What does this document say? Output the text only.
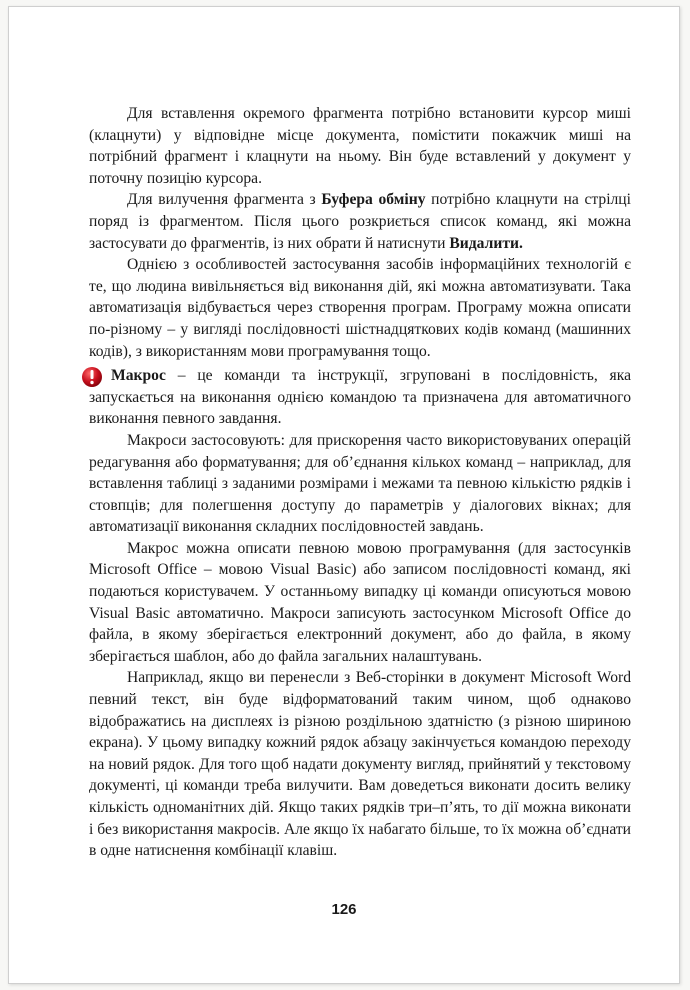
Для вставлення окремого фрагмента потрібно встановити курсор миші (клацнути) у відповідне місце документа, помістити покажчик миші на потрібний фрагмент і клацнути на ньому. Він буде вставлений у документ у поточну позицію курсора.

Для вилучення фрагмента з Буфера обміну потрібно клацнути на стрілці поряд із фрагментом. Після цього розкриється список команд, які можна застосувати до фрагментів, із них обрати й натиснути Видалити.

Однією з особливостей застосування засобів інформаційних технологій є те, що людина вивільняється від виконання дій, які можна автоматизувати. Така автоматизація відбувається через створення програм. Програму можна описати по-різному – у вигляді послідовності шістнадцяткових кодів команд (машинних кодів), з використанням мови програмування тощо.

Макрос – це команди та інструкції, згруповані в послідовність, яка запускається на виконання однією командою та призначена для автоматичного виконання певного завдання.

Макроси застосовують: для прискорення часто використовуваних операцій редагування або форматування; для об’єднання кількох команд – наприклад, для вставлення таблиці з заданими розмірами і межами та певною кількістю рядків і стовпців; для полегшення доступу до параметрів у діалогових вікнах; для автоматизації виконання складних послідовностей завдань.

Макрос можна описати певною мовою програмування (для застосунків Microsoft Office – мовою Visual Basic) або записом послідовності команд, які подаються користувачем. У останньому випадку ці команди описуються мовою Visual Basic автоматично. Макроси записують застосунком Microsoft Office до файла, в якому зберігається електронний документ, або до файла, в якому зберігається шаблон, або до файла загальних налаштувань.

Наприклад, якщо ви перенесли з Веб-сторінки в документ Microsoft Word певний текст, він буде відформатований таким чином, щоб однаково відображатись на дисплеях із різною роздільною здатністю (з різною шириною екрана). У цьому випадку кожний рядок абзацу закінчується командою переходу на новий рядок. Для того щоб надати документу вигляд, прийнятий у текстовому документі, ці команди треба вилучити. Вам доведеться виконати досить велику кількість одноманітних дій. Якщо таких рядків три–п’ять, то дії можна виконати і без використання макросів. Але якщо їх набагато більше, то їх можна об’єднати в одне натиснення комбінації клавіш.

126
